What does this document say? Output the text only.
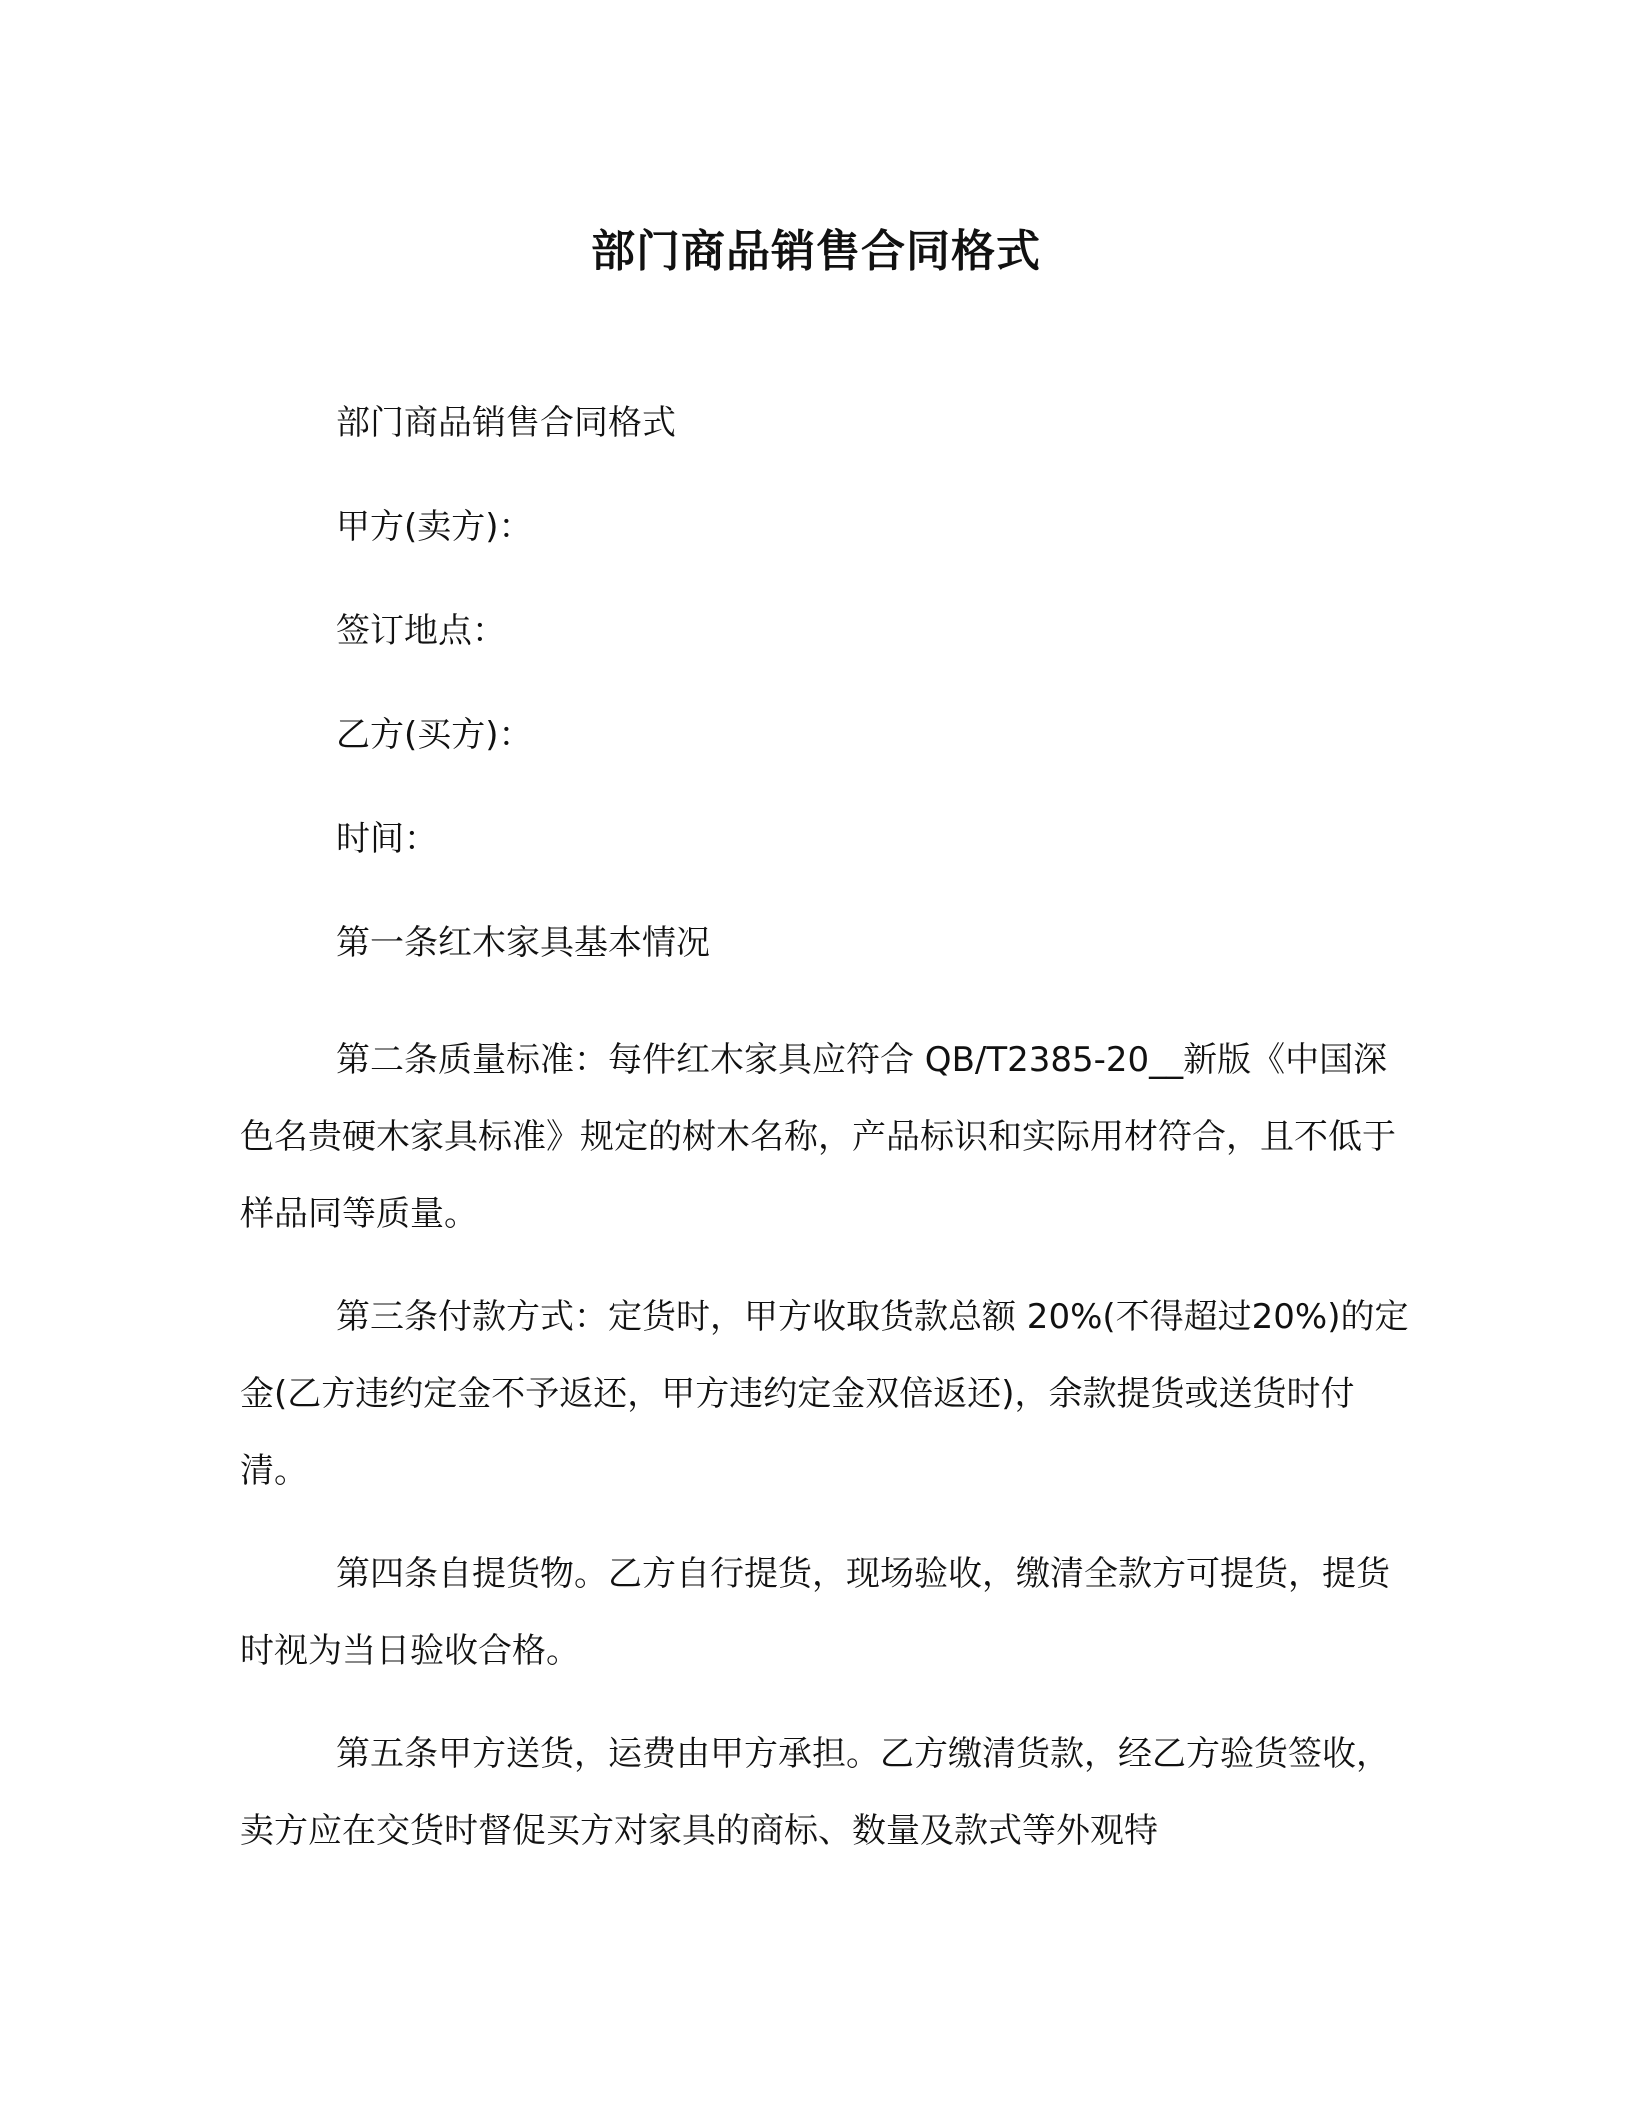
部门商品销售合同格式

部门商品销售合同格式

甲方(卖方)：

签订地点：

乙方(买方)：

时间：

第一条红木家具基本情况

第二条质量标准：每件红木家具应符合 QB/T2385-20__新版《中国深色名贵硬木家具标准》规定的树木名称，产品标识和实际用材符合，且不低于样品同等质量。

第三条付款方式：定货时，甲方收取货款总额 20%(不得超过20%)的定金(乙方违约定金不予返还，甲方违约定金双倍返还)，余款提货或送货时付清。

第四条自提货物。乙方自行提货，现场验收，缴清全款方可提货，提货时视为当日验收合格。

第五条甲方送货，运费由甲方承担。乙方缴清货款，经乙方验货签收，卖方应在交货时督促买方对家具的商标、数量及款式等外观特
